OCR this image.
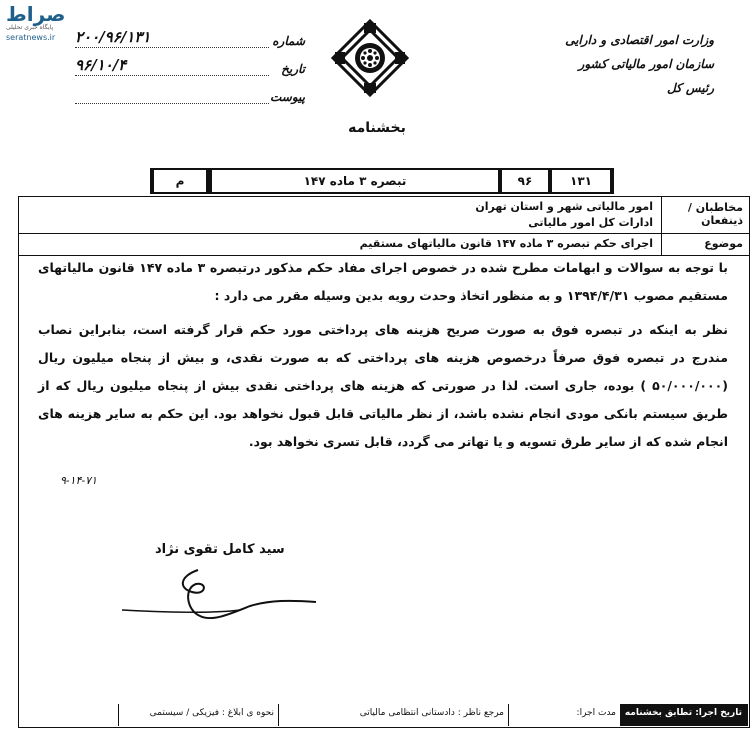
صراط
پایگاه خبری تحلیلی
seratnews.ir	وزارت امور اقتصادی و دارایی
سازمان امور مالیاتی کشور
رئیس کل
شماره
۲۰۰/۹۶/۱۳۱
تاریخ
۹۶/۱۰/۴
پیوست
بخشنامه
۱۳۱
۹۶
تبصره ۳ ماده ۱۴۷
م
مخاطبان / ذینفعان
امور مالیاتی شهر و استان تهران
ادارات کل امور مالیاتی
موضوع
اجرای حکم تبصره ۳ ماده ۱۴۷ قانون مالیاتهای مستقیم
با توجه به سوالات و ابهامات مطرح شده در خصوص اجرای مفاد حکم مذکور درتبصره ۳ ماده ۱۴۷ قانون مالیاتهای مستقیم مصوب ۱۳۹۴/۴/۳۱ و به منظور اتخاذ وحدت رویه بدین وسیله مقرر می دارد :
نظر به اینکه در تبصره فوق به صورت صریح هزینه های پرداختی مورد حکم قرار گرفته است، بنابراین نصاب مندرج در تبصره فوق صرفاً درخصوص هزینه های پرداختی که به صورت نقدی، و بیش از پنجاه میلیون ریال (۵۰/۰۰۰/۰۰۰ ) بوده، جاری است. لذا در صورتی که هزینه های پرداختی نقدی بیش از پنجاه میلیون ریال که از طریق سیستم بانکی مودی انجام نشده باشد، از نظر مالیاتی قابل قبول نخواهد بود. این حکم به سایر هزینه های انجام شده که از سایر طرق تسویه و یا تهاتر می گردد، قابل تسری نخواهد بود.
۹-۱۴-۷۱
سید کامل تقوی نژاد
تاریخ اجرا: تطابق بخشنامه
مدت اجرا:
مرجع ناظر : دادستانی انتظامی مالیاتی
نحوه ی ابلاغ : فیزیکی / سیستمی
